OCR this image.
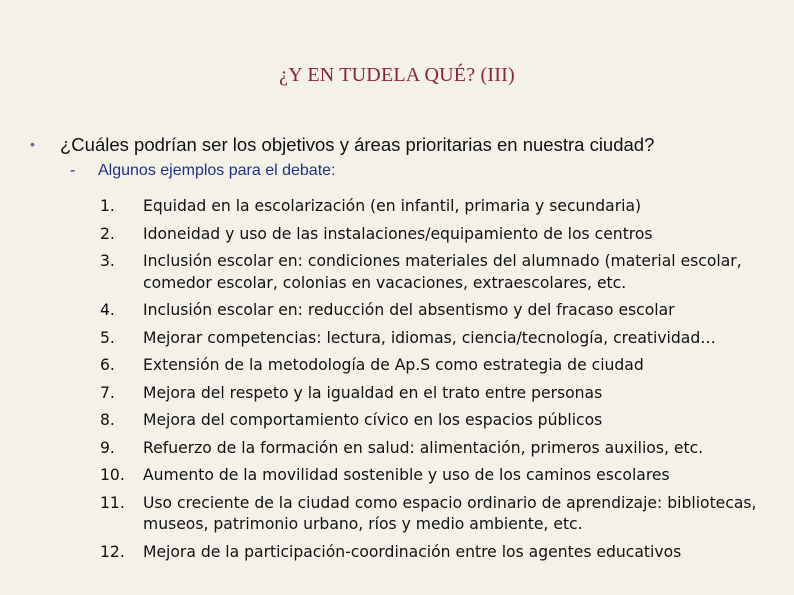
¿Y EN TUDELA QUÉ? (III)
• ¿Cuáles podrían ser los objetivos y áreas prioritarias en nuestra ciudad?
- Algunos ejemplos para el debate:
1.	Equidad en la escolarización (en infantil, primaria y secundaria)
2.	Idoneidad y uso de las instalaciones/equipamiento de los centros
3.	Inclusión escolar en: condiciones materiales del alumnado (material escolar, comedor escolar, colonias en vacaciones, extraescolares, etc.
4.	Inclusión escolar en: reducción del absentismo y del fracaso escolar
5.	Mejorar competencias: lectura, idiomas, ciencia/tecnología, creatividad…
6.	Extensión de la metodología de Ap.S como estrategia de ciudad
7.	Mejora del respeto y la igualdad en el trato entre personas
8.	Mejora del comportamiento cívico en los espacios públicos
9.	Refuerzo de la formación en salud: alimentación, primeros auxilios, etc.
10.	Aumento de la movilidad sostenible y uso de los caminos escolares
11.	Uso creciente de la ciudad como espacio ordinario de aprendizaje: bibliotecas, museos, patrimonio urbano, ríos y medio ambiente, etc.
12.	Mejora de la participación-coordinación entre los agentes educativos
